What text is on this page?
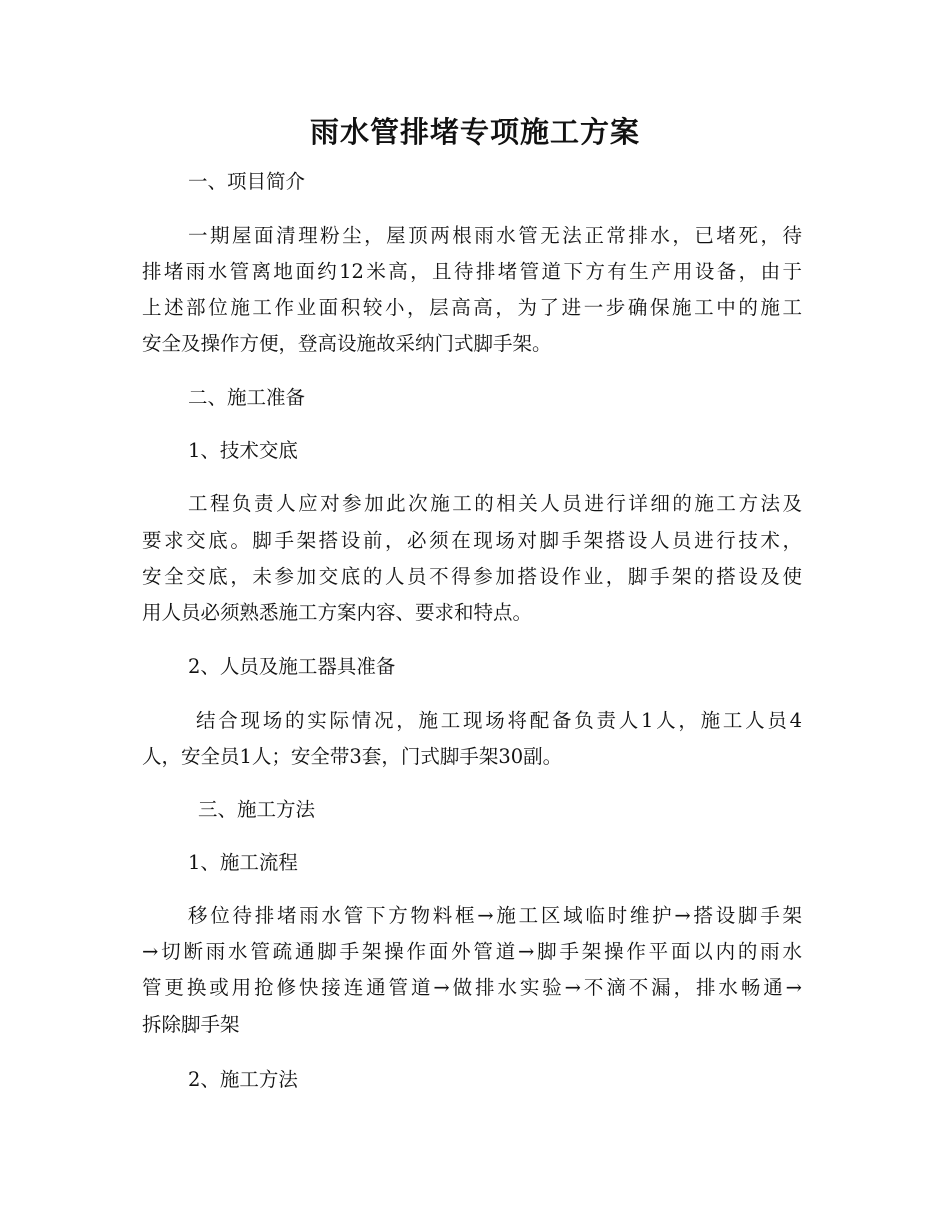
雨水管排堵专项施工方案
一、项目简介
一期屋面清理粉尘，屋顶两根雨水管无法正常排水，已堵死，待
排堵雨水管离地面约12米高，且待排堵管道下方有生产用设备，由于
上述部位施工作业面积较小，层高高，为了进一步确保施工中的施工
安全及操作方便，登高设施故采纳门式脚手架。
二、施工准备
1、技术交底
工程负责人应对参加此次施工的相关人员进行详细的施工方法及
要求交底。脚手架搭设前，必须在现场对脚手架搭设人员进行技术，
安全交底，未参加交底的人员不得参加搭设作业，脚手架的搭设及使
用人员必须熟悉施工方案内容、要求和特点。
2、人员及施工器具准备
结合现场的实际情况，施工现场将配备负责人1人，施工人员4
人，安全员1人；安全带3套，门式脚手架30副。
三、施工方法
1、施工流程
移位待排堵雨水管下方物料框→施工区域临时维护→搭设脚手架
→切断雨水管疏通脚手架操作面外管道→脚手架操作平面以内的雨水
管更换或用抢修快接连通管道→做排水实验→不滴不漏，排水畅通→
拆除脚手架
2、施工方法
